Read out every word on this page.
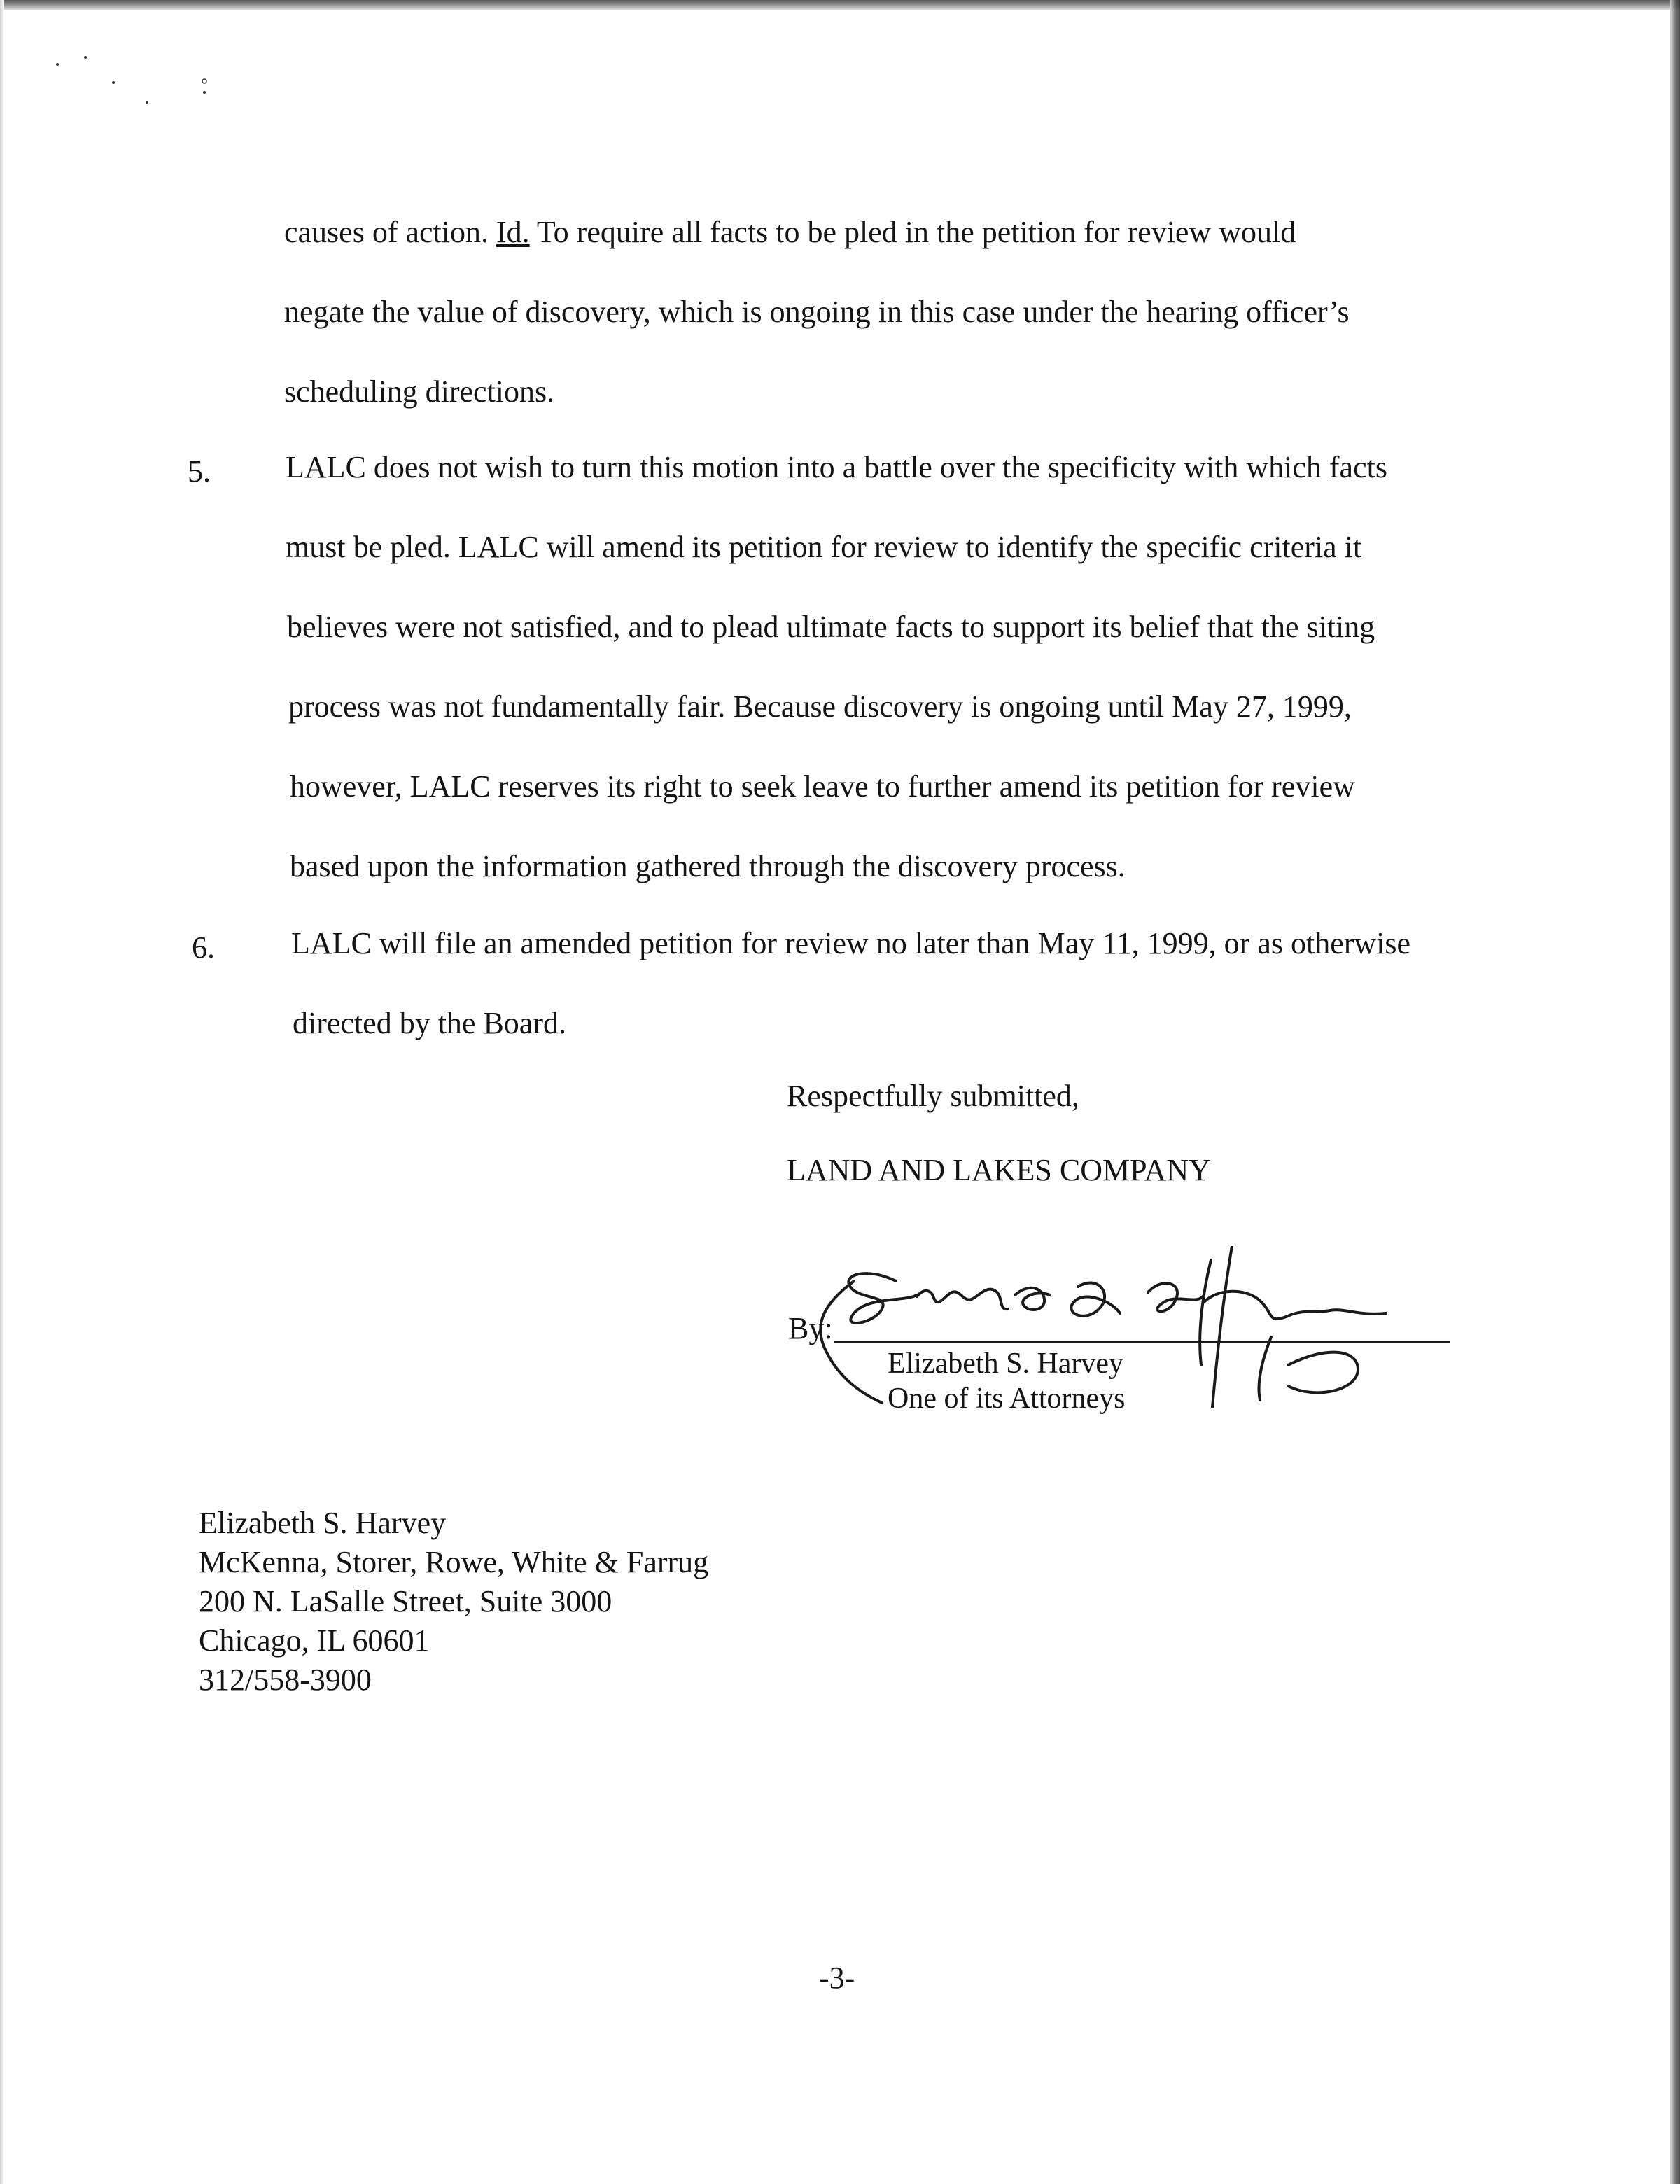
causes of action. Id. To require all facts to be pled in the petition for review would
negate the value of discovery, which is ongoing in this case under the hearing officer’s
scheduling directions.
5. LALC does not wish to turn this motion into a battle over the specificity with which facts
must be pled. LALC will amend its petition for review to identify the specific criteria it
believes were not satisfied, and to plead ultimate facts to support its belief that the siting
process was not fundamentally fair. Because discovery is ongoing until May 27, 1999,
however, LALC reserves its right to seek leave to further amend its petition for review
based upon the information gathered through the discovery process.
6. LALC will file an amended petition for review no later than May 11, 1999, or as otherwise
directed by the Board.
Respectfully submitted,
LAND AND LAKES COMPANY
By:
Elizabeth S. Harvey
One of its Attorneys
Elizabeth S. Harvey
McKenna, Storer, Rowe, White & Farrug
200 N. LaSalle Street, Suite 3000
Chicago, IL 60601
312/558-3900
-3-
